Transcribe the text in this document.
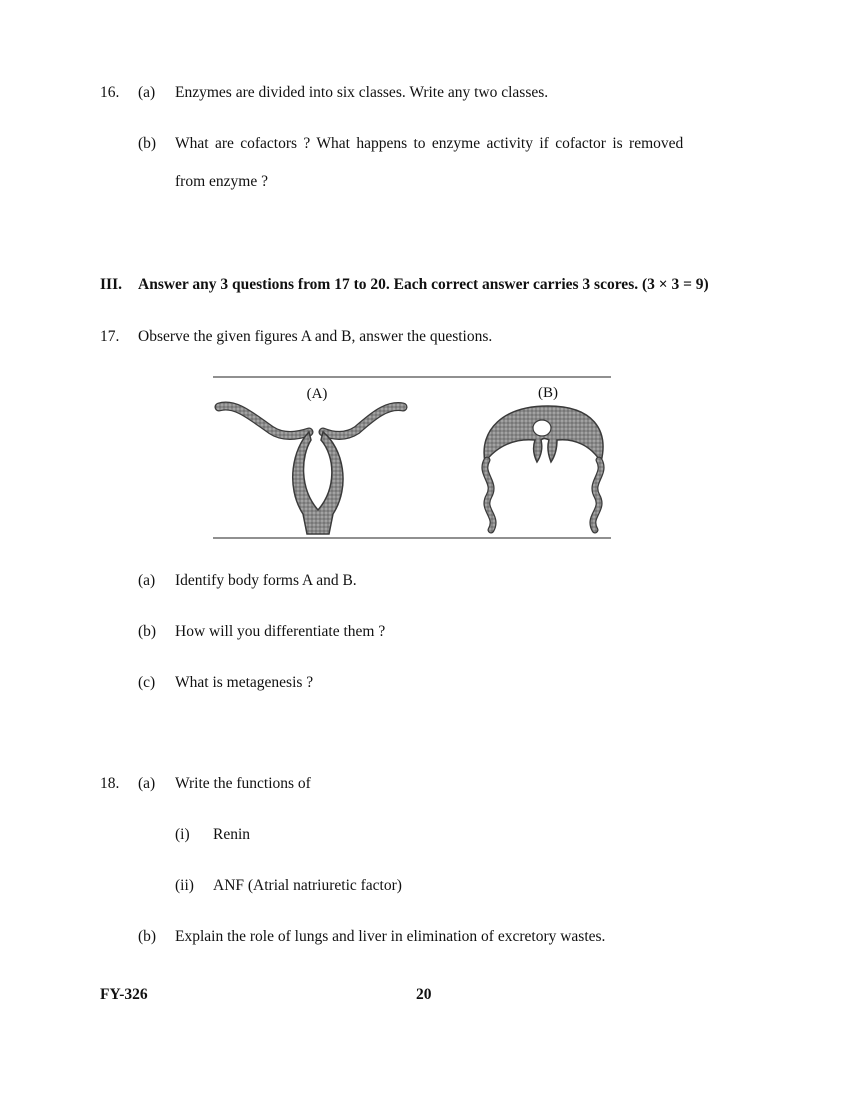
16. (a) Enzymes are divided into six classes. Write any two classes.
(b) What are cofactors ? What happens to enzyme activity if cofactor is removed
from enzyme ?
III. Answer any 3 questions from 17 to 20. Each correct answer carries 3 scores. (3 × 3 = 9)
17. Observe the given figures A and B, answer the questions.
(A)	(B)
(a) Identify body forms A and B.
(b) How will you differentiate them ?
(c) What is metagenesis ?
18. (a) Write the functions of
(i) Renin
(ii) ANF (Atrial natriuretic factor)
(b) Explain the role of lungs and liver in elimination of excretory wastes.
FY-326	20
